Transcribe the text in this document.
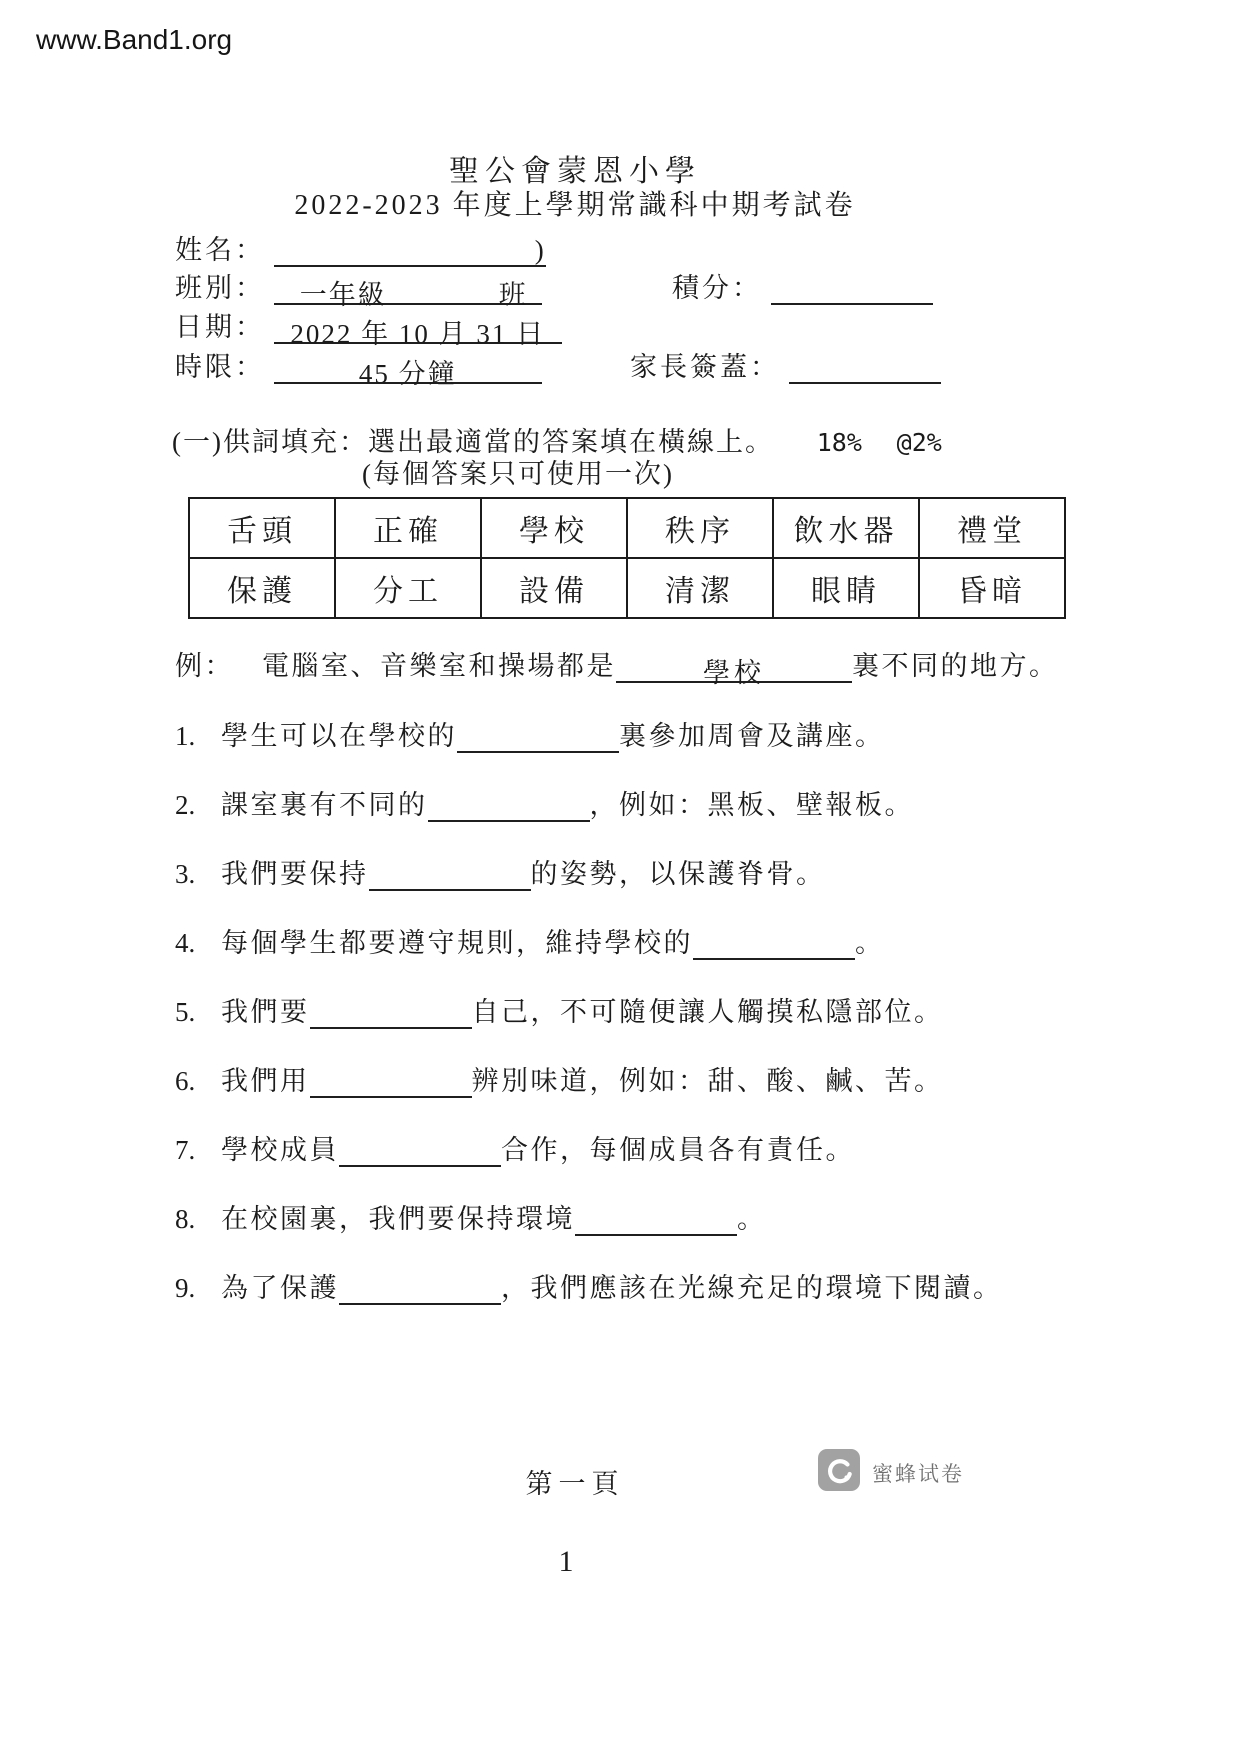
www.Band1.org
聖公會蒙恩小學
2022-2023 年度上學期常識科中期考試卷
姓名：	)
班別： 一年級	班	積分：
日期： 2022 年 10 月 31 日
時限：	45 分鐘	家長簽蓋：
(一)供詞填充：選出最適當的答案填在橫線上。 18% @2%
(每個答案只可使用一次)
舌頭	正確	學校	秩序	飲水器	禮堂
保護	分工	設備	清潔	眼睛	昏暗
例： 電腦室、音樂室和操場都是	學校	裏不同的地方。
1. 學生可以在學校的	裏參加周會及講座。
2. 課室裏有不同的	，例如：黑板、壁報板。
3. 我們要保持	的姿勢，以保護脊骨。
4. 每個學生都要遵守規則，維持學校的	。
5. 我們要	自己，不可隨便讓人觸摸私隱部位。
6. 我們用	辨別味道，例如：甜、酸、鹹、苦。
7. 學校成員	合作，每個成員各有責任。
8. 在校園裏，我們要保持環境	。
9. 為了保護	，我們應該在光線充足的環境下閱讀。
第一頁	蜜蜂试卷
1
